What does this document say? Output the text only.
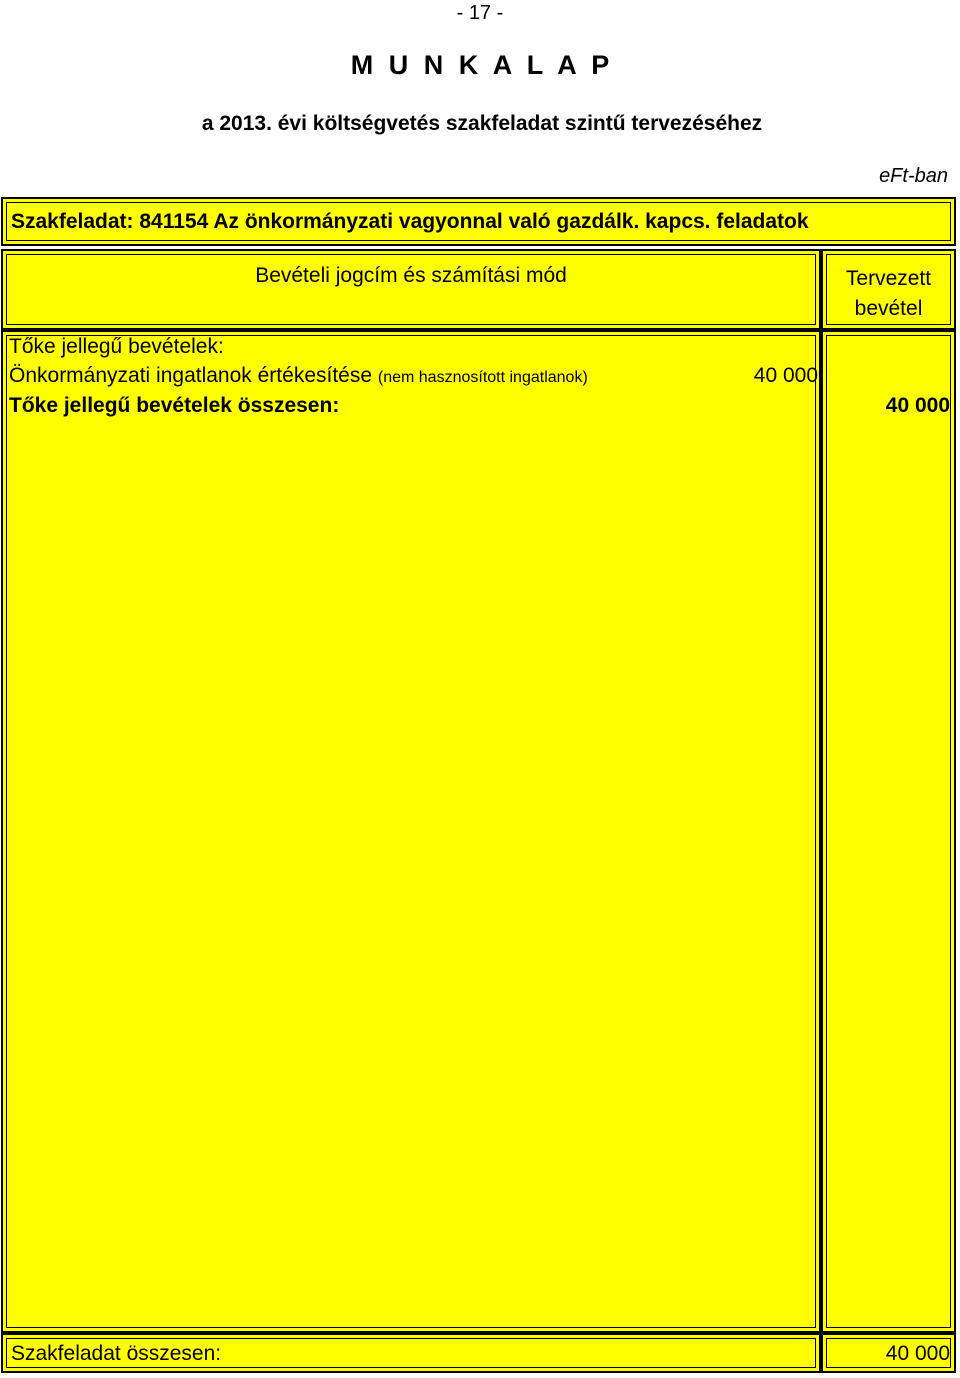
- 17 -
M U N K A L A P
a 2013. évi költségvetés szakfeladat szintű tervezéséhez
eFt-ban
Szakfeladat: 841154 Az önkormányzati vagyonnal való gazdálk. kapcs. feladatok
Bevételi jogcím és számítási mód	Tervezett
bevétel
Tőke jellegű bevételek:
Önkormányzati ingatlanok értékesítése (nem hasznosított ingatlanok)	40 000
Tőke jellegű bevételek összesen:	40 000
Szakfeladat összesen:	40 000
